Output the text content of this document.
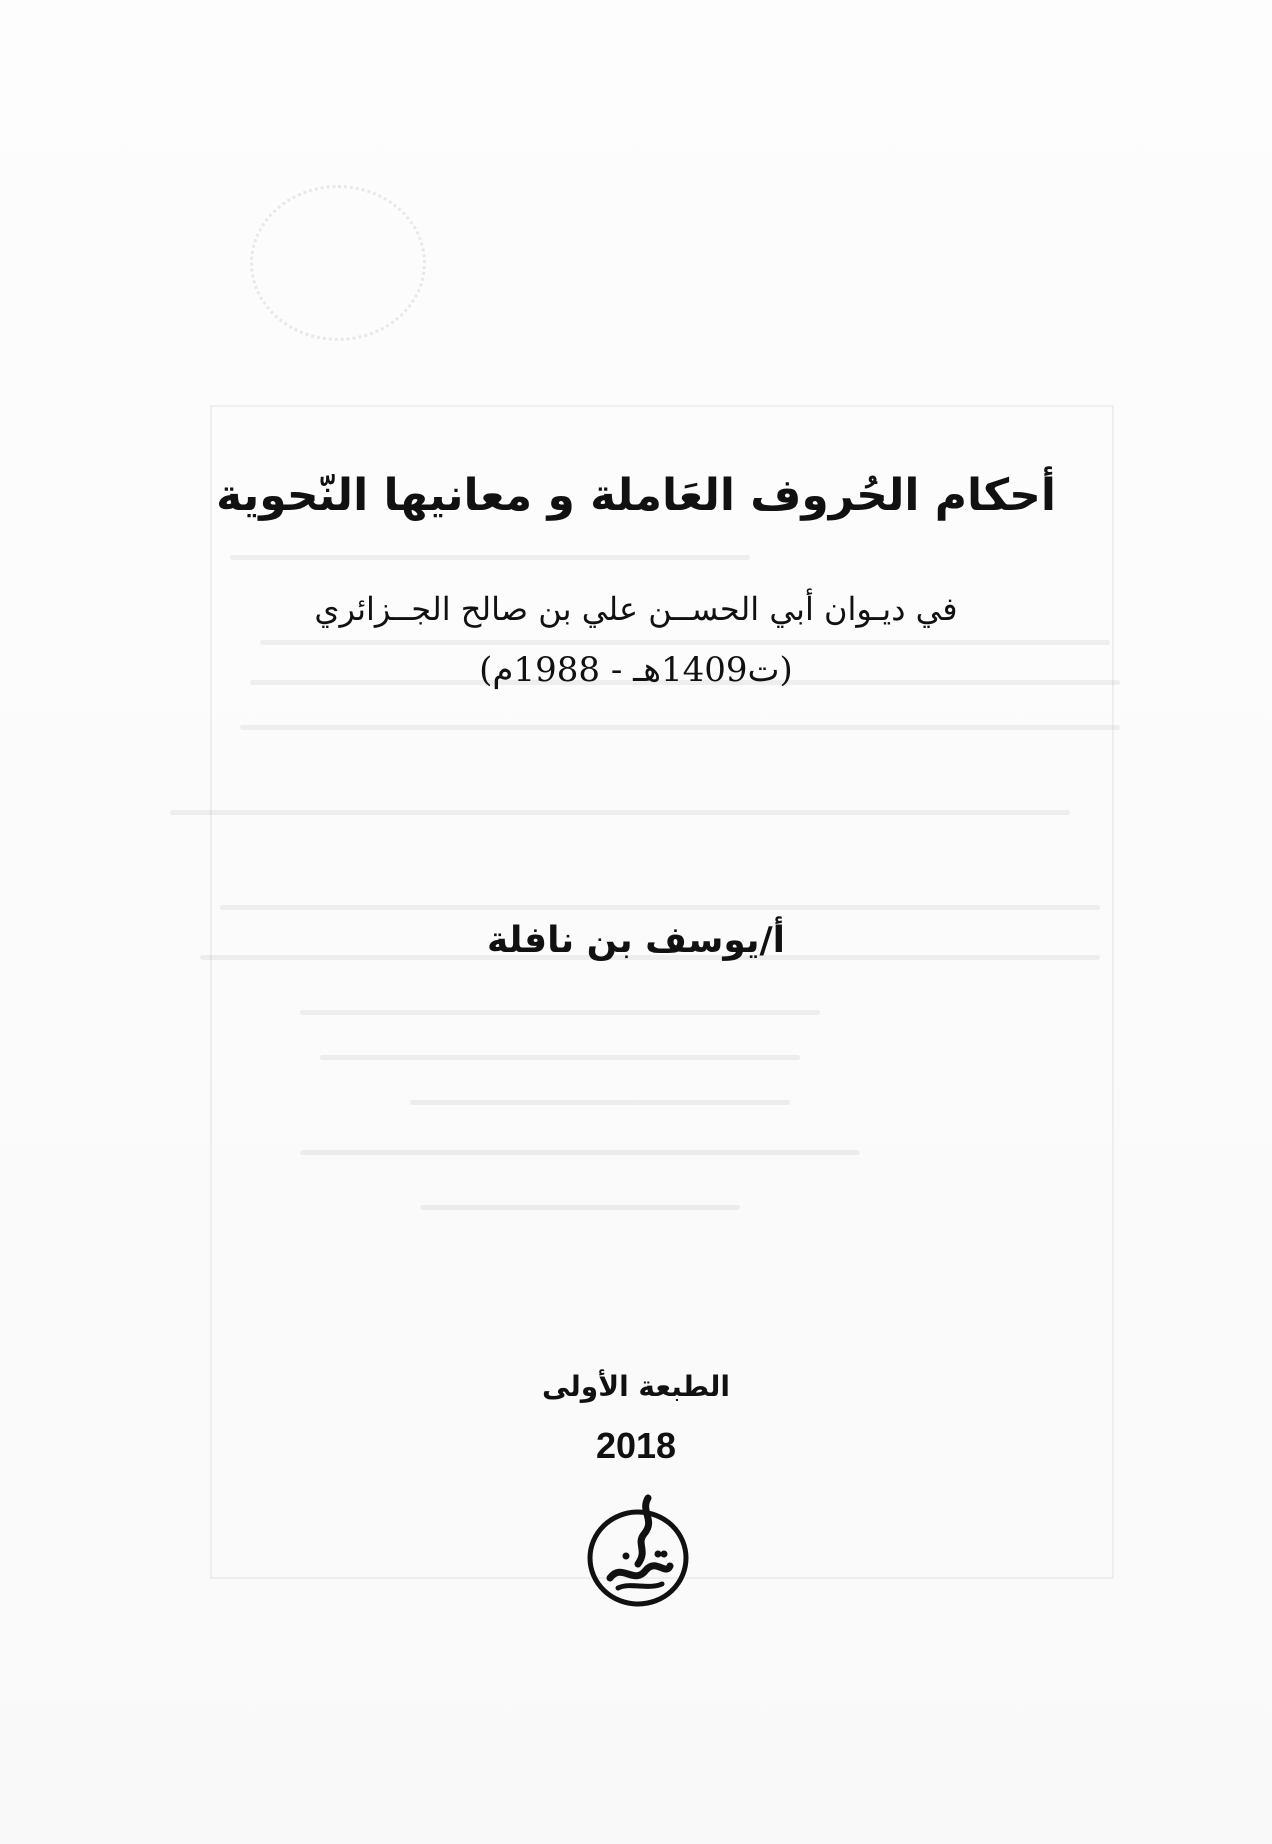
أحكام الحُروف العَاملة و معانيها النّحوية
في ديـوان أبي الحســن علي بن صالح الجــزائري
(ت1409هـ - 1988م)
أ/يوسف بن نافلة
الطبعة الأولى
2018
